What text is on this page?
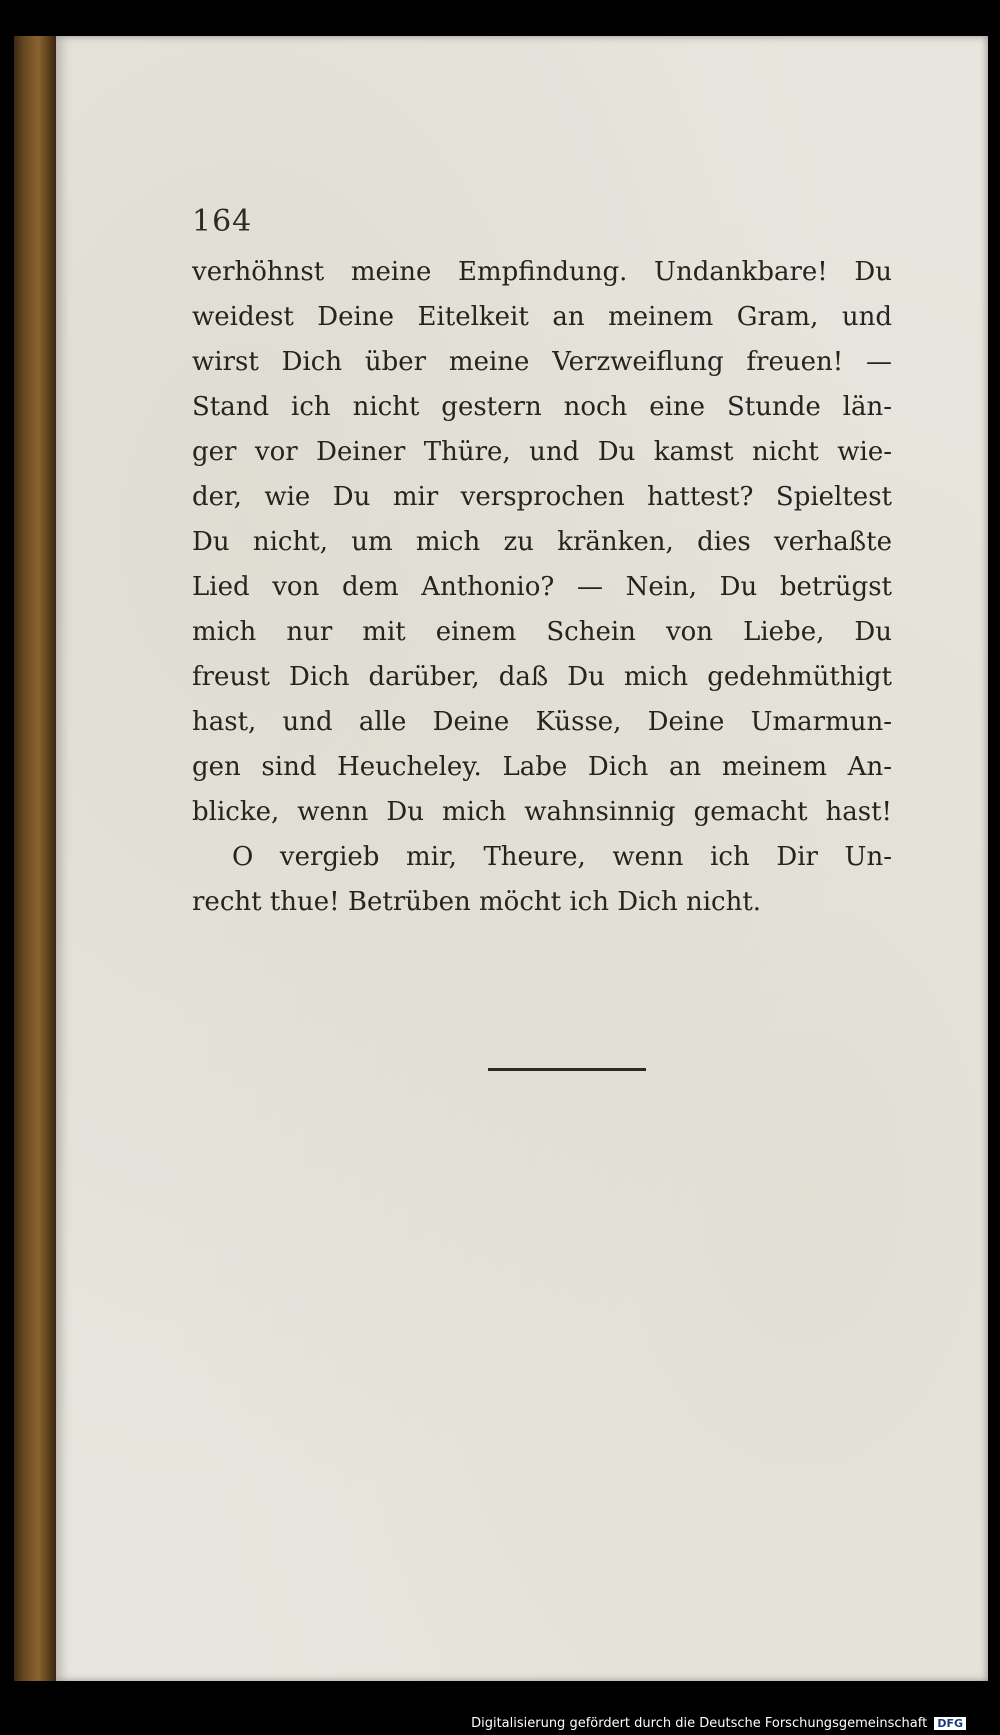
164
verhöhnst meine Empfindung. Undankbare! Du
weidest Deine Eitelkeit an meinem Gram, und
wirst Dich über meine Verzweiflung freuen! —
Stand ich nicht gestern noch eine Stunde län-
ger vor Deiner Thüre, und Du kamst nicht wie-
der, wie Du mir versprochen hattest? Spieltest
Du nicht, um mich zu kränken, dies verhaßte
Lied von dem Anthonio? — Nein, Du betrügst
mich nur mit einem Schein von Liebe, Du
freust Dich darüber, daß Du mich gedehmüthigt
hast, und alle Deine Küsse, Deine Umarmun-
gen sind Heucheley. Labe Dich an meinem An-
blicke, wenn Du mich wahnsinnig gemacht hast!
O vergieb mir, Theure, wenn ich Dir Un-
recht thue! Betrüben möcht ich Dich nicht.
Digitalisierung gefördert durch die Deutsche Forschungsgemeinschaft DFG
